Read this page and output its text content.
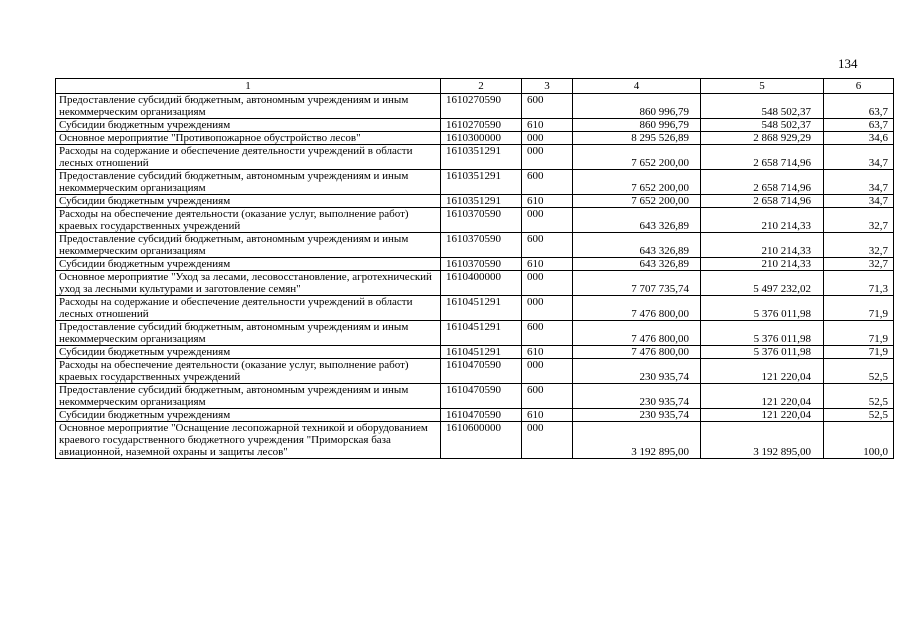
134
1	2	3	4	5	6
Предоставление субсидий бюджетным, автономным учреждениям и иным некоммерческим организациям	1610270590	600	860 996,79	548 502,37	63,7
Субсидии бюджетным учреждениям	1610270590	610	860 996,79	548 502,37	63,7
Основное мероприятие "Противопожарное обустройство лесов"	1610300000	000	8 295 526,89	2 868 929,29	34,6
Расходы на содержание и обеспечение деятельности учреждений в области лесных отношений	1610351291	000	7 652 200,00	2 658 714,96	34,7
Предоставление субсидий бюджетным, автономным учреждениям и иным некоммерческим организациям	1610351291	600	7 652 200,00	2 658 714,96	34,7
Субсидии бюджетным учреждениям	1610351291	610	7 652 200,00	2 658 714,96	34,7
Расходы на обеспечение деятельности (оказание услуг, выполнение работ) краевых государственных учреждений	1610370590	000	643 326,89	210 214,33	32,7
Предоставление субсидий бюджетным, автономным учреждениям и иным некоммерческим организациям	1610370590	600	643 326,89	210 214,33	32,7
Субсидии бюджетным учреждениям	1610370590	610	643 326,89	210 214,33	32,7
Основное мероприятие "Уход за лесами, лесовосстановление, агротехнический уход за лесными культурами и заготовление семян"	1610400000	000	7 707 735,74	5 497 232,02	71,3
Расходы на содержание и обеспечение деятельности учреждений в области лесных отношений	1610451291	000	7 476 800,00	5 376 011,98	71,9
Предоставление субсидий бюджетным, автономным учреждениям и иным некоммерческим организациям	1610451291	600	7 476 800,00	5 376 011,98	71,9
Субсидии бюджетным учреждениям	1610451291	610	7 476 800,00	5 376 011,98	71,9
Расходы на обеспечение деятельности (оказание услуг, выполнение работ) краевых государственных учреждений	1610470590	000	230 935,74	121 220,04	52,5
Предоставление субсидий бюджетным, автономным учреждениям и иным некоммерческим организациям	1610470590	600	230 935,74	121 220,04	52,5
Субсидии бюджетным учреждениям	1610470590	610	230 935,74	121 220,04	52,5
Основное мероприятие "Оснащение лесопожарной техникой и оборудованием краевого государственного бюджетного учреждения "Приморская база авиационной, наземной охраны и защиты лесов"	1610600000	000	3 192 895,00	3 192 895,00	100,0
